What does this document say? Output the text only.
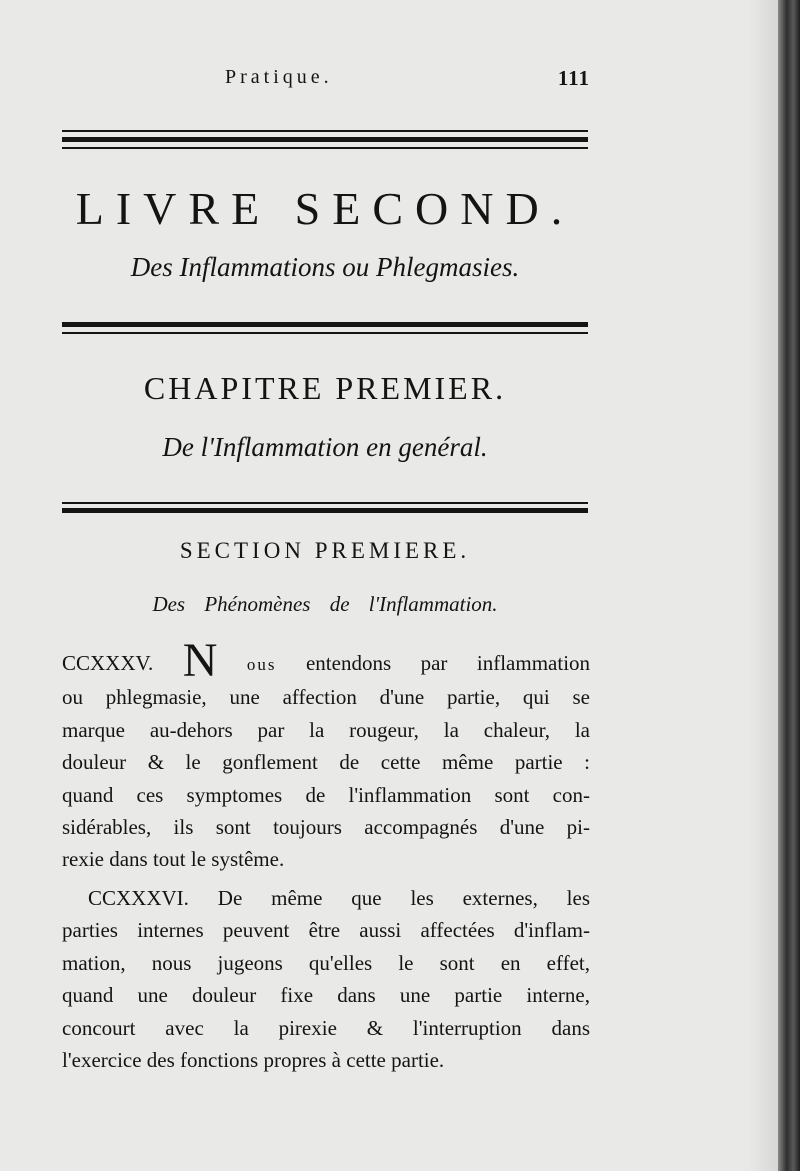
Pratique.	111
LIVRE SECOND.
Des Inflammations ou Phlegmasies.
CHAPITRE PREMIER.
De l'Inflammation en genéral.
SECTION PREMIERE.
Des Phénomènes de l'Inflammation.
CCXXXV. N ous entendons par inflammation
ou phlegmasie, une affection d'une partie, qui se
marque au-dehors par la rougeur, la chaleur, la
douleur & le gonflement de cette même partie :
quand ces symptomes de l'inflammation sont con-
sidérables, ils sont toujours accompagnés d'une pi-
rexie dans tout le systême.
CCXXXVI. De même que les externes, les
parties internes peuvent être aussi affectées d'inflam-
mation, nous jugeons qu'elles le sont en effet,
quand une douleur fixe dans une partie interne,
concourt avec la pirexie & l'interruption dans
l'exercice des fonctions propres à cette partie.
